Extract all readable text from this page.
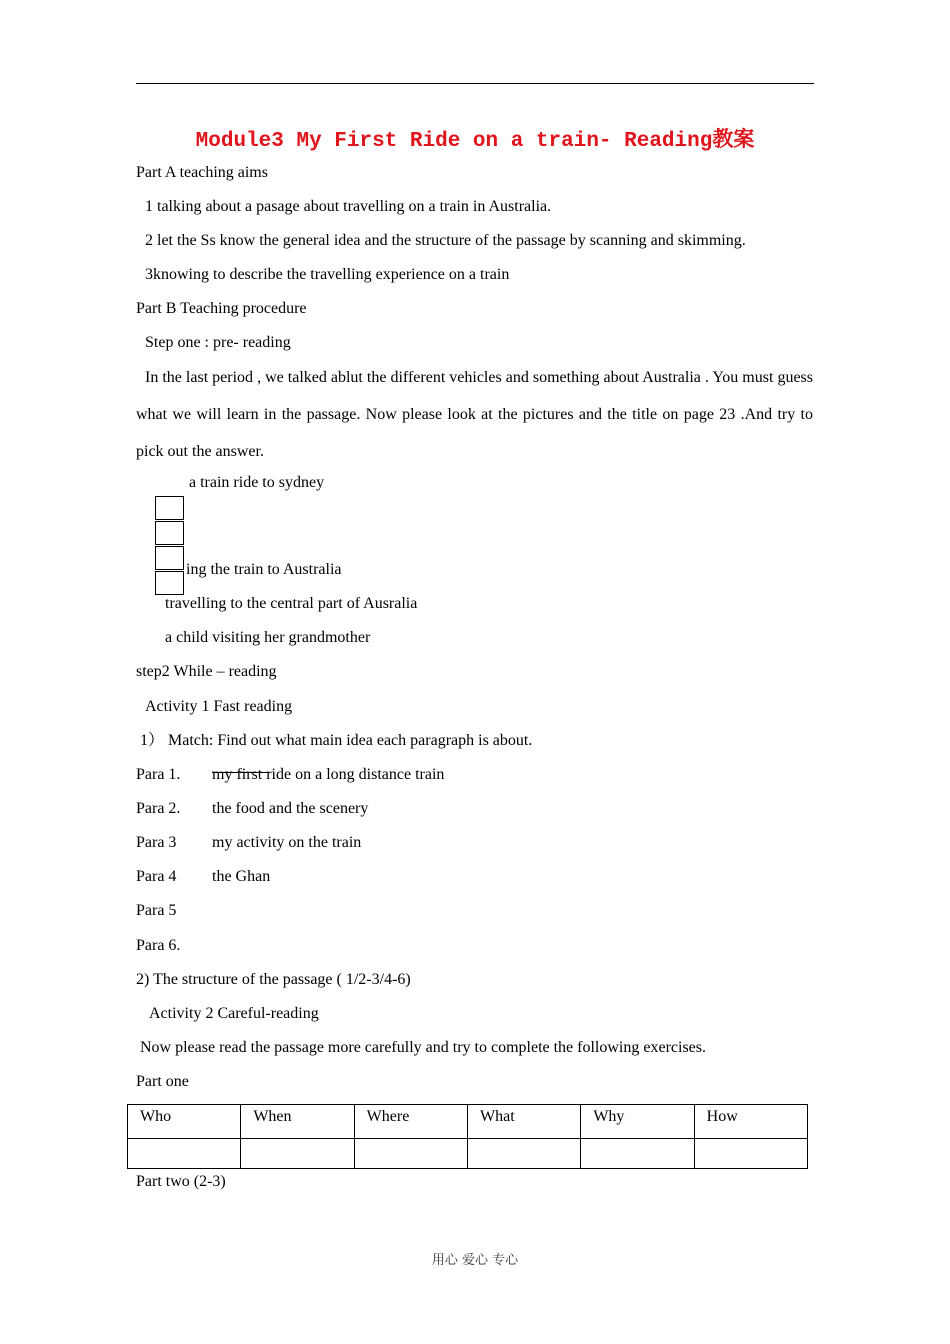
Module3 My First Ride on a train- Reading教案
Part A teaching aims
1 talking about a pasage about travelling on a train in Australia.
2 let the Ss know the general idea and the structure of the passage by scanning and skimming.
3knowing to describe the travelling experience on a train
Part B Teaching procedure
Step one : pre- reading
In the last period , we talked ablut the different vehicles and something about Australia . You must guess what we will learn in the passage. Now please look at the pictures and the title on page 23 .And try to pick out the answer.
a train ride to sydney
ing the train to Australia
travelling to the central part of Ausralia
a child visiting her grandmother
step2 While – reading
Activity 1 Fast reading
1） Match: Find out what main idea each paragraph is about.
Para 1. my first ride on a long distance train
Para 2. the food and the scenery
Para 3 my activity on the train
Para 4 the Ghan
Para 5
Para 6.
2) The structure of the passage ( 1/2-3/4-6)
Activity 2 Careful-reading
Now please read the passage more carefully and try to complete the following exercises.
Part one
Who	When	Where	What	Why	How

Part two (2-3)
用心 爱心 专心
